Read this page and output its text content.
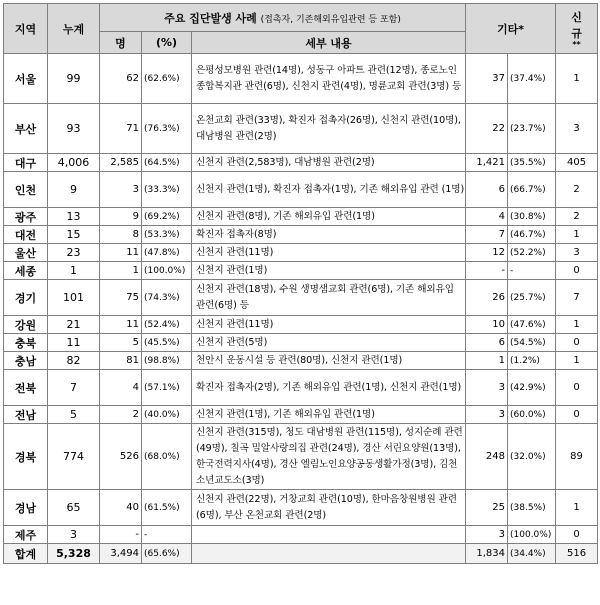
지역	누계	주요 집단발생 사례 (접촉자, 기존해외유입관련 등 포함)			기타*		신
규
**

		명	(%)	세부 내용			
서울	99	62	(62.6%)	은평성모병원 관련(14명), 성동구 아파트 관련(12명), 종로노인종합복지관 관련(6명), 신천지 관련(4명), 명륜교회 관련(3명) 등	37	(37.4%)	1
부산	93	71	(76.3%)	온천교회 관련(33명), 확진자 접촉자(26명), 신천지 관련(10명), 대남병원 관련(2명)	22	(23.7%)	3
대구	4,006	2,585	(64.5%)	신천지 관련(2,583명), 대남병원 관련(2명)	1,421	(35.5%)	405
인천	9	3	(33.3%)	신천지 관련(1명), 확진자 접촉자(1명), 기존 해외유입 관련 (1명)	6	(66.7%)	2
광주	13	9	(69.2%)	신천지 관련(8명), 기존 해외유입 관련(1명)	4	(30.8%)	2
대전	15	8	(53.3%)	확진자 접촉자(8명)	7	(46.7%)	1
울산	23	11	(47.8%)	신천지 관련(11명)	12	(52.2%)	3
세종	1	1	(100.0%)	신천지 관련(1명)	-	-	0
경기	101	75	(74.3%)	신천지 관련(18명), 수원 생명샘교회 관련(6명), 기존 해외유입 관련(6명) 등	26	(25.7%)	7
강원	21	11	(52.4%)	신천지 관련(11명)	10	(47.6%)	1
충북	11	5	(45.5%)	신천지 관련(5명)	6	(54.5%)	0
충남	82	81	(98.8%)	천안시 운동시설 등 관련(80명), 신천지 관련(1명)	1	(1.2%)	1
전북	7	4	(57.1%)	확진자 접촉자(2명), 기존 해외유입 관련(1명), 신천지 관련(1명)	3	(42.9%)	0
전남	5	2	(40.0%)	신천지 관련(1명), 기존 해외유입 관련(1명)	3	(60.0%)	0
경북	774	526	(68.0%)	신천지 관련(315명), 청도 대남병원 관련(115명), 성지순례 관련(49명), 칠곡 밀알사랑의집 관련(24명), 경산 서린요양원(13명), 한국전력지사(4명), 경산 엘림노인요양공동생활가정(3명), 김천소년교도소(3명)	248	(32.0%)	89
경남	65	40	(61.5%)	신천지 관련(22명), 거창교회 관련(10명), 한마음창원병원 관련(6명), 부산 온천교회 관련(2명)	25	(38.5%)	1
제주	3	-	-		3	(100.0%)	0
합계	5,328	3,494	(65.6%)		1,834	(34.4%)	516
